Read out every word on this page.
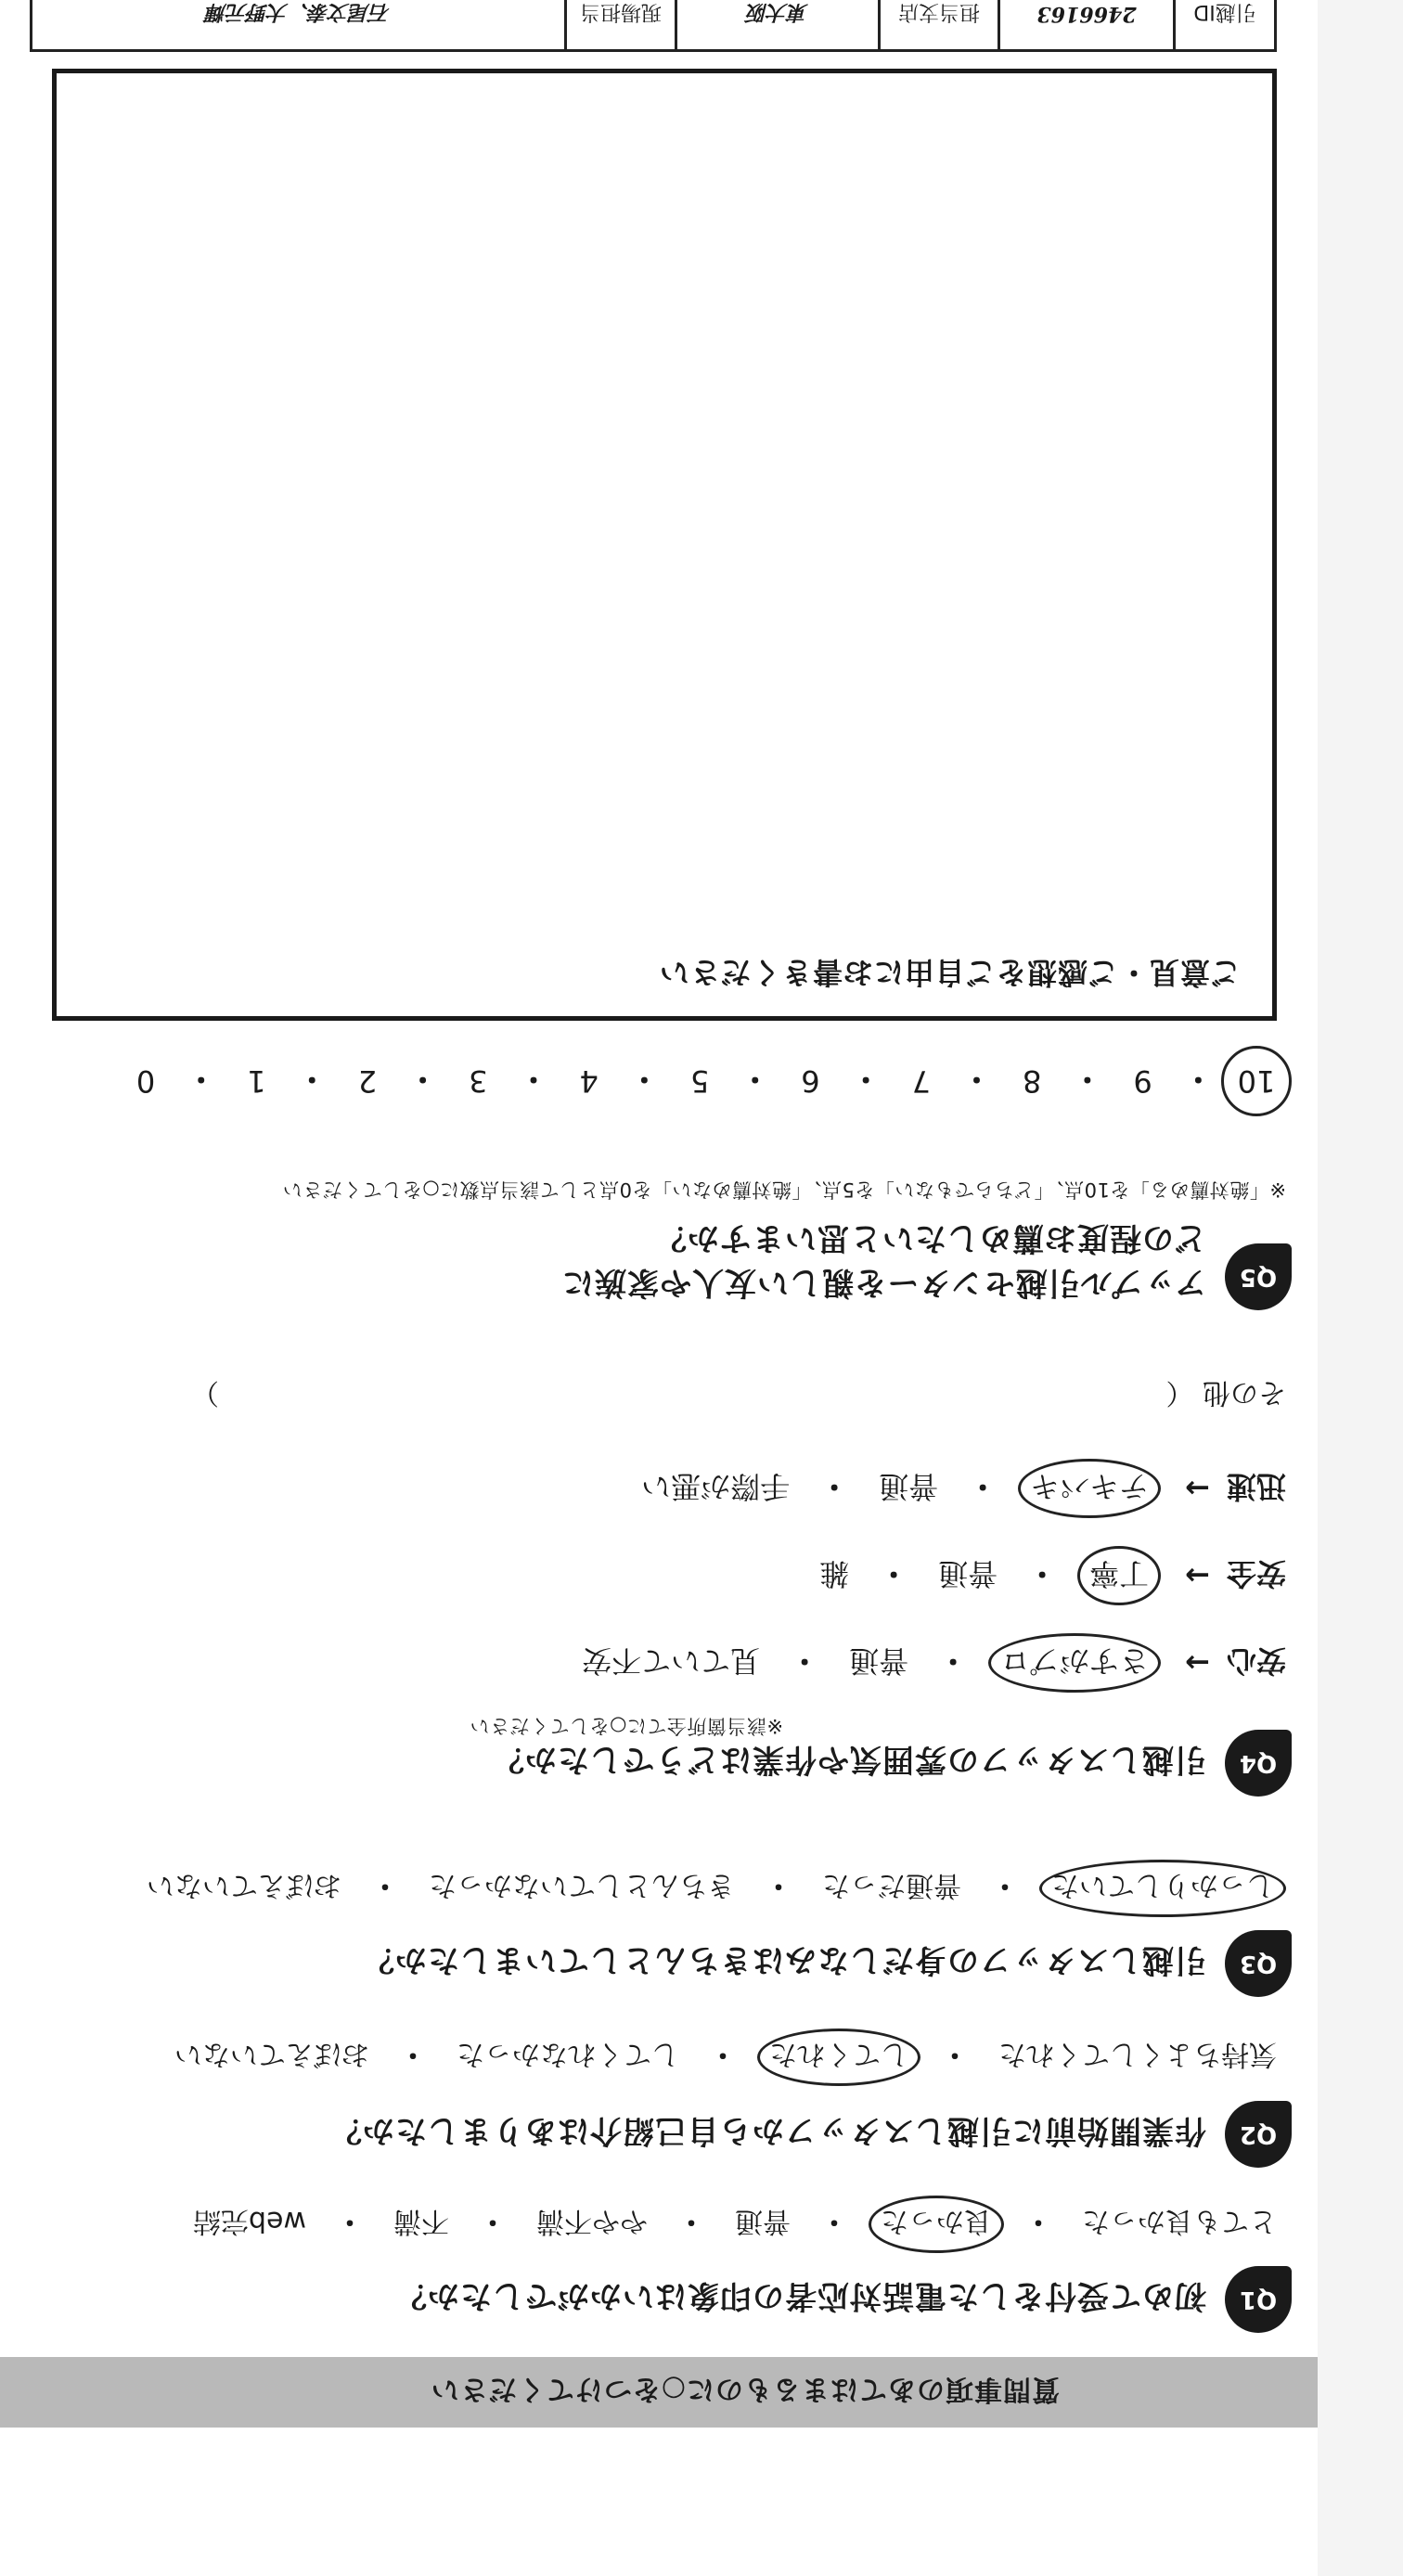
質問事項のあてはまるものに○をつけてください
Q1
初めて受付をした電話対応者の印象はいかがでしたか？
とても良かった
・
良かった
・
普通
・
やや不満
・
不満
・
web完結
Q2
作業開始前に引越しスタッフから自己紹介はありましたか？
気持ちよくしてくれた
・
してくれた
・
してくれなかった
・
おぼえていない
Q3
引越しスタッフの身だしなみはきちんとしていましたか？
しっかりしていた
・
普通だった
・
きちんとしていなかった
・
おぼえていない
Q4
引越しスタッフの雰囲気や作業はどうでしたか？
※該当箇所全てに○をしてください
安心
→
さすがプロ
・
普通
・
見ていて不安
安全
→
丁寧
・
普通
・
雑
迅速
→
テキパキ
・
普通
・
手際が悪い
その他 （
）
Q5
アップル引越センターを親しい友人や家族に
どの程度お薦めしたいと思いますか？
※「絶対薦める」を10点、「どちらでもない」を5点、「絶対薦めない」を0点として該当点数に○をしてください
10
・
9
・
8
・
7
・
6
・
5
・
4
・
3
・
2
・
1
・
0
ご意見・ご感想をご自由にお書きください
引越ID	2466163	担当支店	東大阪	現場担当	石尾文泰、大野元輝
